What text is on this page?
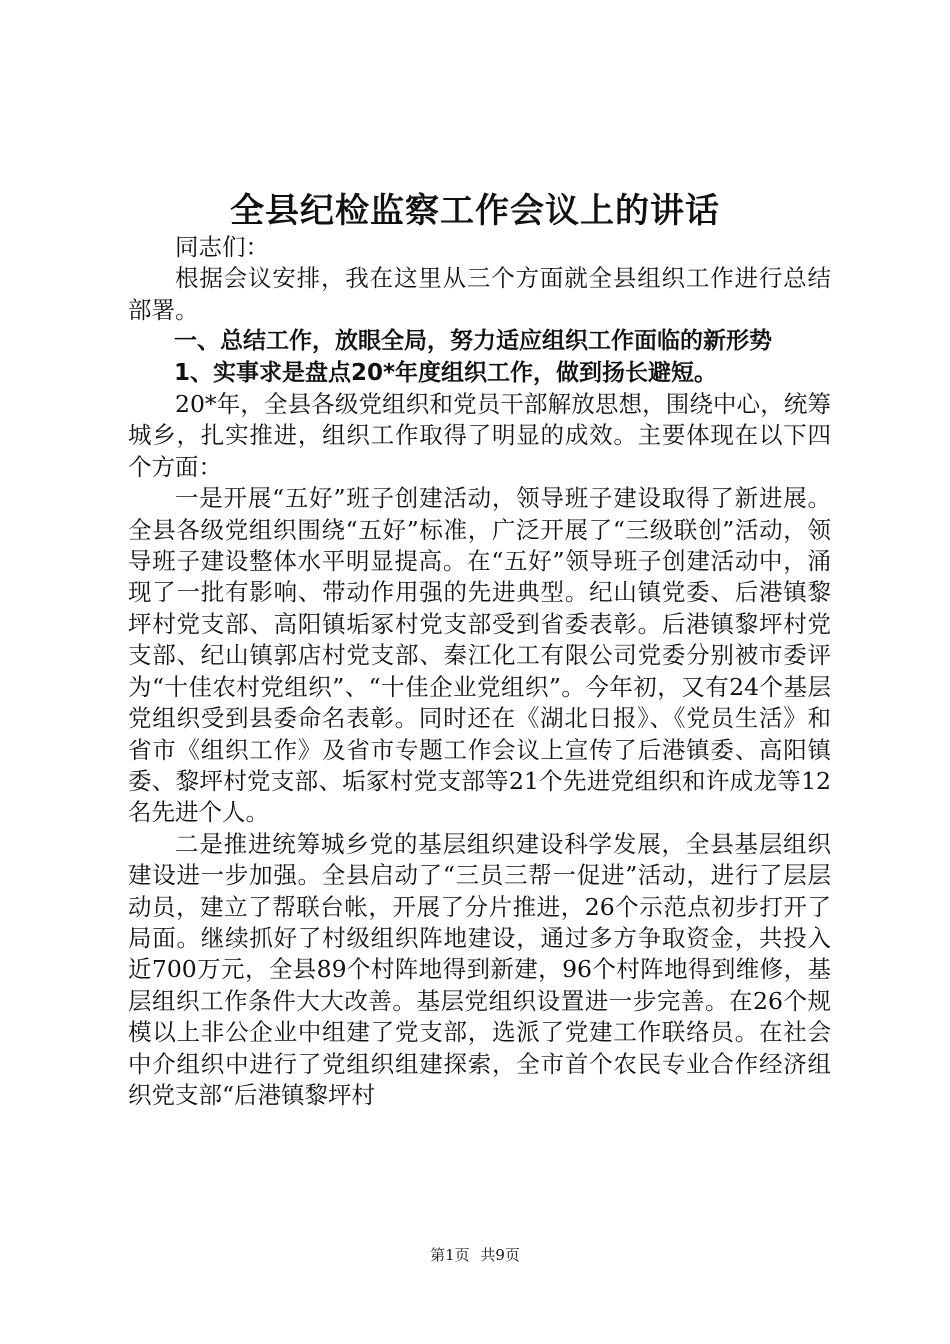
全县纪检监察工作会议上的讲话

同志们：

根据会议安排，我在这里从三个方面就全县组织工作进行总结部署。

一、总结工作，放眼全局，努力适应组织工作面临的新形势

1、实事求是盘点20*年度组织工作，做到扬长避短。

20*年，全县各级党组织和党员干部解放思想，围绕中心，统筹城乡，扎实推进，组织工作取得了明显的成效。主要体现在以下四个方面：

一是开展“五好”班子创建活动，领导班子建设取得了新进展。全县各级党组织围绕“五好”标准，广泛开展了“三级联创”活动，领导班子建设整体水平明显提高。在“五好”领导班子创建活动中，涌现了一批有影响、带动作用强的先进典型。纪山镇党委、后港镇黎坪村党支部、高阳镇垢冢村党支部受到省委表彰。后港镇黎坪村党支部、纪山镇郭店村党支部、秦江化工有限公司党委分别被市委评为“十佳农村党组织”、“十佳企业党组织”。今年初，又有24个基层党组织受到县委命名表彰。同时还在《湖北日报》、《党员生活》和省市《组织工作》及省市专题工作会议上宣传了后港镇委、高阳镇委、黎坪村党支部、垢冢村党支部等21个先进党组织和许成龙等12名先进个人。

二是推进统筹城乡党的基层组织建设科学发展，全县基层组织建设进一步加强。全县启动了“三员三帮一促进”活动，进行了层层动员，建立了帮联台帐，开展了分片推进，26个示范点初步打开了局面。继续抓好了村级组织阵地建设，通过多方争取资金，共投入近700万元，全县89个村阵地得到新建，96个村阵地得到维修，基层组织工作条件大大改善。基层党组织设置进一步完善。在26个规模以上非公企业中组建了党支部，选派了党建工作联络员。在社会中介组织中进行了党组织组建探索，全市首个农民专业合作经济组织党支部“后港镇黎坪村

第1页 共9页
